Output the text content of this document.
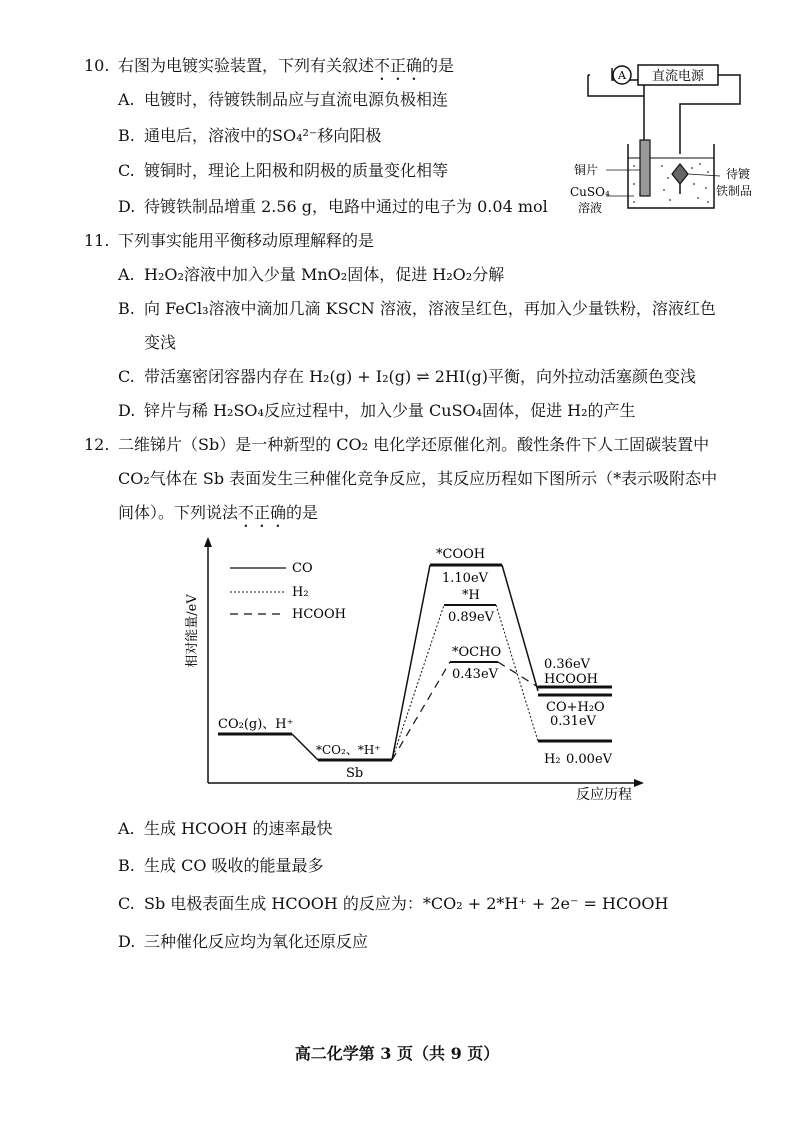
10. 右图为电镀实验装置，下列有关叙述不正确的是
A. 电镀时，待镀铁制品应与直流电源负极相连
B. 通电后，溶液中的SO₄²⁻移向阳极
C. 镀铜时，理论上阳极和阴极的质量变化相等
D. 待镀铁制品增重 2.56 g，电路中通过的电子为 0.04 mol
A 直流电源
铜片
CuSO₄
溶液
待镀
铁制品
11. 下列事实能用平衡移动原理解释的是
A. H₂O₂溶液中加入少量 MnO₂固体，促进 H₂O₂分解
B. 向 FeCl₃溶液中滴加几滴 KSCN 溶液，溶液呈红色，再加入少量铁粉，溶液红色
变浅
C. 带活塞密闭容器内存在 H₂(g) + I₂(g) ⇌ 2HI(g)平衡，向外拉动活塞颜色变浅
D. 锌片与稀 H₂SO₄反应过程中，加入少量 CuSO₄固体，促进 H₂的产生
12. 二维锑片（Sb）是一种新型的 CO₂ 电化学还原催化剂。酸性条件下人工固碳装置中
CO₂气体在 Sb 表面发生三种催化竞争反应，其反应历程如下图所示（*表示吸附态中
间体）。下列说法不正确的是
相对能量/eV
反应历程
CO
H₂
HCOOH
CO₂(g)、H⁺
*CO₂、*H⁺
Sb
*COOH
1.10eV
*H
0.89eV
*OCHO
0.43eV
0.36eV
HCOOH
CO+H₂O
0.31eV
H₂ 0.00eV
A. 生成 HCOOH 的速率最快
B. 生成 CO 吸收的能量最多
C. Sb 电极表面生成 HCOOH 的反应为：*CO₂ + 2*H⁺ + 2e⁻ = HCOOH
D. 三种催化反应均为氧化还原反应
高二化学第 3 页（共 9 页）
